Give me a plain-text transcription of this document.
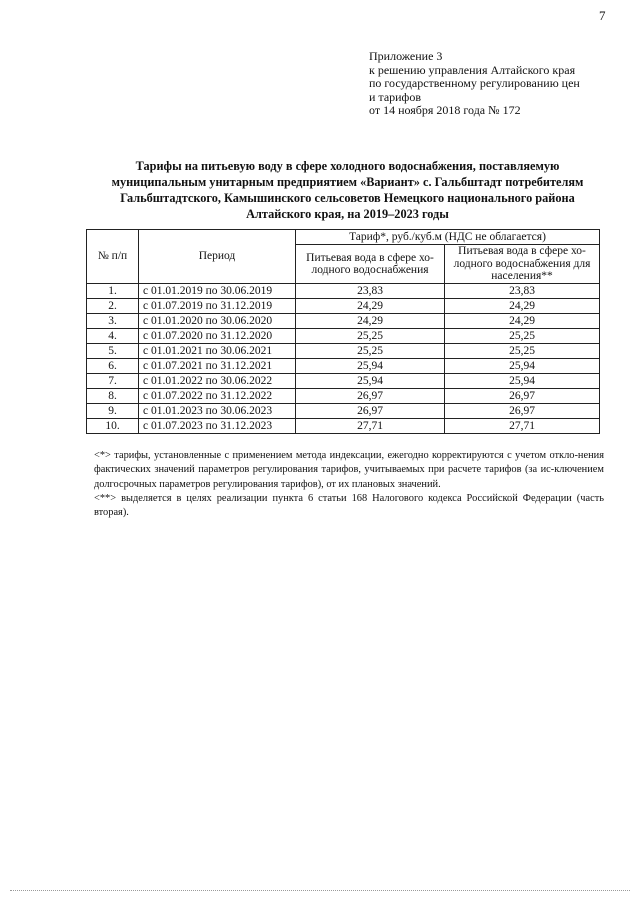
7
Приложение 3
к решению управления Алтайского края
по государственному регулированию цен
и тарифов
от 14 ноября 2018 года № 172
Тарифы на питьевую воду в сфере холодного водоснабжения, поставляемую муниципальным унитарным предприятием «Вариант» с. Гальбштадт потребителям Гальбштадтского, Камышинского сельсоветов Немецкого национального района Алтайского края, на 2019–2023 годы
№ п/п	Период	Тариф*, руб./куб.м (НДС не облагается)	
		Питьевая вода в сфере хо-лодного водоснабжения	Питьевая вода в сфере хо-лодного водоснабжения для населения**
1.	с 01.01.2019 по 30.06.2019	23,83	23,83
2.	с 01.07.2019 по 31.12.2019	24,29	24,29
3.	с 01.01.2020 по 30.06.2020	24,29	24,29
4.	с 01.07.2020 по 31.12.2020	25,25	25,25
5.	с 01.01.2021 по 30.06.2021	25,25	25,25
6.	с 01.07.2021 по 31.12.2021	25,94	25,94
7.	с 01.01.2022 по 30.06.2022	25,94	25,94
8.	с 01.07.2022 по 31.12.2022	26,97	26,97
9.	с 01.01.2023 по 30.06.2023	26,97	26,97
10.	с 01.07.2023 по 31.12.2023	27,71	27,71

<*> тарифы, установленные с применением метода индексации, ежегодно корректируются с учетом откло-нения фактических значений параметров регулирования тарифов, учитываемых при расчете тарифов (за ис-ключением долгосрочных параметров регулирования тарифов), от их плановых значений.

<**> выделяется в целях реализации пункта 6 статьи 168 Налогового кодекса Российской Федерации (часть вторая).
